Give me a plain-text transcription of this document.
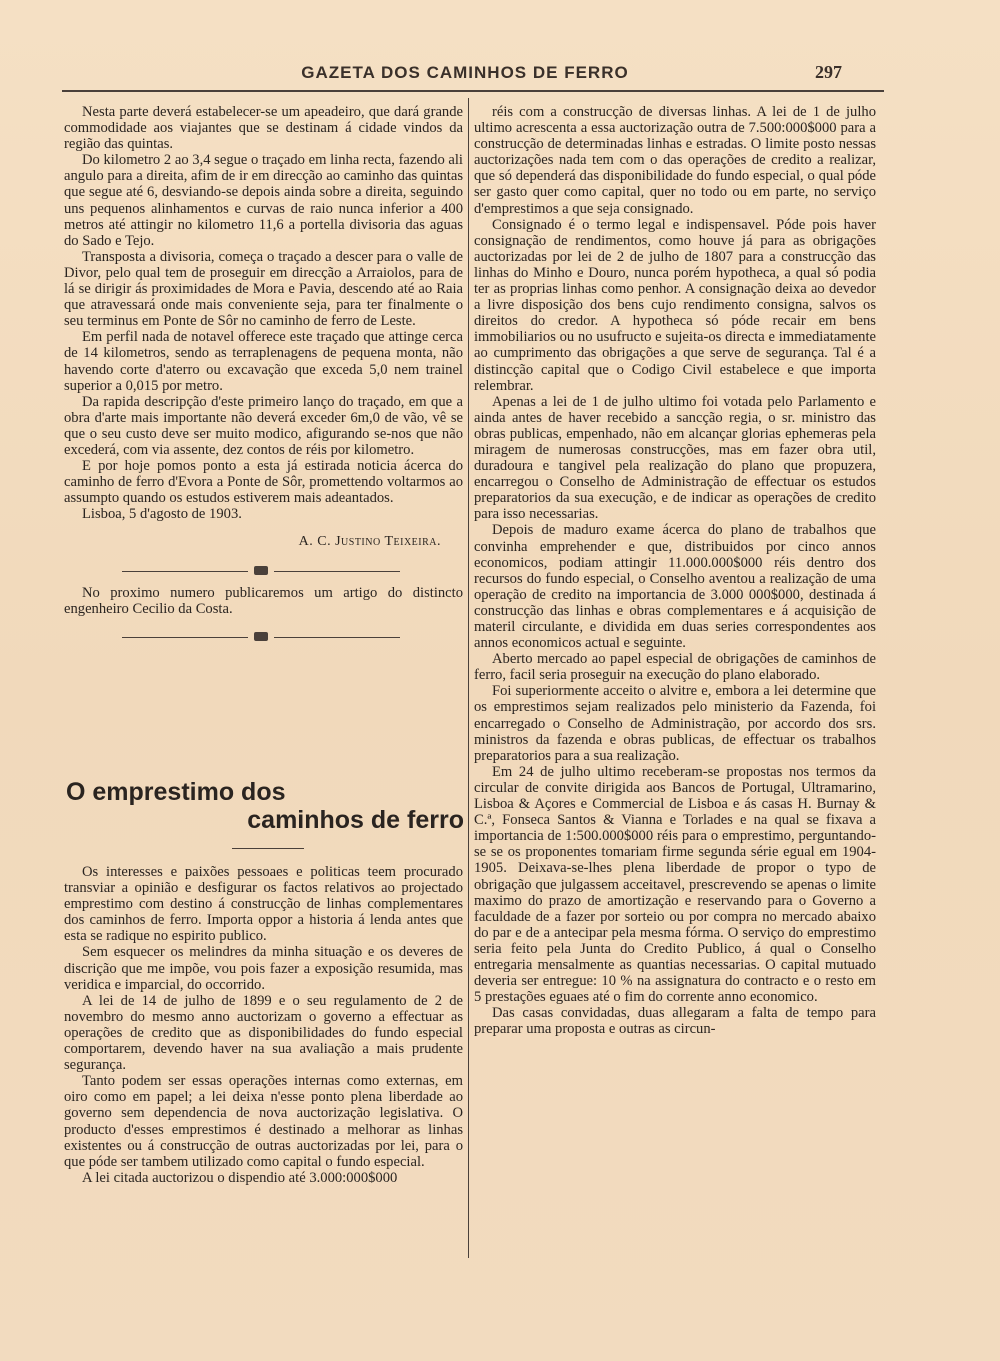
GAZETA DOS CAMINHOS DE FERRO	297

Nesta parte deverá estabelecer-se um apeadeiro, que dará grande commodidade aos viajantes que se destinam á cidade vindos da região das quintas.

Do kilometro 2 ao 3,4 segue o traçado em linha recta, fazendo ali angulo para a direita, afim de ir em direcção ao caminho das quintas que segue até 6, desviando-se depois ainda sobre a direita, seguindo uns pequenos alinhamentos e curvas de raio nunca inferior a 400 metros até attingir no kilometro 11,6 a portella divisoria das aguas do Sado e Tejo.

Transposta a divisoria, começa o traçado a descer para o valle de Divor, pelo qual tem de proseguir em direcção a Arraiolos, para de lá se dirigir ás proximidades de Mora e Pavia, descendo até ao Raia que atravessará onde mais conveniente seja, para ter finalmente o seu terminus em Ponte de Sôr no caminho de ferro de Leste.

Em perfil nada de notavel offerece este traçado que attinge cerca de 14 kilometros, sendo as terraplenagens de pequena monta, não havendo corte d'aterro ou excavação que exceda 5,0 nem trainel superior a 0,015 por metro.

Da rapida descripção d'este primeiro lanço do traçado, em que a obra d'arte mais importante não deverá exceder 6m,0 de vão, vê se que o seu custo deve ser muito modico, afigurando se-nos que não excederá, com via assente, dez contos de réis por kilometro.

E por hoje pomos ponto a esta já estirada noticia ácerca do caminho de ferro d'Evora a Ponte de Sôr, promettendo voltarmos ao assumpto quando os estudos estiverem mais adeantados.

Lisboa, 5 d'agosto de 1903.

A. C. Justino Teixeira.

No proximo numero publicaremos um artigo do distincto engenheiro Cecilio da Costa.

O emprestimo dos
caminhos de ferro

Os interesses e paixões pessoaes e politicas teem procurado transviar a opinião e desfigurar os factos relativos ao projectado emprestimo com destino á construcção de linhas complementares dos caminhos de ferro. Importa oppor a historia á lenda antes que esta se radique no espirito publico.

Sem esquecer os melindres da minha situação e os deveres de discrição que me impõe, vou pois fazer a exposição resumida, mas veridica e imparcial, do occorrido.

A lei de 14 de julho de 1899 e o seu regulamento de 2 de novembro do mesmo anno auctorizam o governo a effectuar as operações de credito que as disponibilidades do fundo especial comportarem, devendo haver na sua avaliação a mais prudente segurança.

Tanto podem ser essas operações internas como externas, em oiro como em papel; a lei deixa n'esse ponto plena liberdade ao governo sem dependencia de nova auctorização legislativa. O producto d'esses emprestimos é destinado a melhorar as linhas existentes ou á construcção de outras auctorizadas por lei, para o que póde ser tambem utilizado como capital o fundo especial.

A lei citada auctorizou o dispendio até 3.000:000$000

réis com a construcção de diversas linhas. A lei de 1 de julho ultimo acrescenta a essa auctorização outra de 7.500:000$000 para a construcção de determinadas linhas e estradas. O limite posto nessas auctorizações nada tem com o das operações de credito a realizar, que só dependerá das disponibilidade do fundo especial, o qual póde ser gasto quer como capital, quer no todo ou em parte, no serviço d'emprestimos a que seja consignado.

Consignado é o termo legal e indispensavel. Póde pois haver consignação de rendimentos, como houve já para as obrigações auctorizadas por lei de 2 de julho de 1807 para a construcção das linhas do Minho e Douro, nunca porém hypotheca, a qual só podia ter as proprias linhas como penhor. A consignação deixa ao devedor a livre disposição dos bens cujo rendimento consigna, salvos os direitos do credor. A hypotheca só póde recair em bens immobiliarios ou no usufructo e sujeita-os directa e immediatamente ao cumprimento das obrigações a que serve de segurança. Tal é a distincção capital que o Codigo Civil estabelece e que importa relembrar.

Apenas a lei de 1 de julho ultimo foi votada pelo Parlamento e ainda antes de haver recebido a sancção regia, o sr. ministro das obras publicas, empenhado, não em alcançar glorias ephemeras pela miragem de numerosas construcções, mas em fazer obra util, duradoura e tangivel pela realização do plano que propuzera, encarregou o Conselho de Administração de effectuar os estudos preparatorios da sua execução, e de indicar as operações de credito para isso necessarias.

Depois de maduro exame ácerca do plano de trabalhos que convinha emprehender e que, distribuidos por cinco annos economicos, podiam attingir 11.000.000$000 réis dentro dos recursos do fundo especial, o Conselho aventou a realização de uma operação de credito na importancia de 3.000 000$000, destinada á construcção das linhas e obras complementares e á acquisição de materil circulante, e dividida em duas series correspondentes aos annos economicos actual e seguinte.

Aberto mercado ao papel especial de obrigações de caminhos de ferro, facil seria proseguir na execução do plano elaborado.

Foi superiormente acceito o alvitre e, embora a lei determine que os emprestimos sejam realizados pelo ministerio da Fazenda, foi encarregado o Conselho de Administração, por accordo dos srs. ministros da fazenda e obras publicas, de effectuar os trabalhos preparatorios para a sua realização.

Em 24 de julho ultimo receberam-se propostas nos termos da circular de convite dirigida aos Bancos de Portugal, Ultramarino, Lisboa & Açores e Commercial de Lisboa e ás casas H. Burnay & C.ª, Fonseca Santos & Vianna e Torlades e na qual se fixava a importancia de 1:500.000$000 réis para o emprestimo, perguntando-se se os proponentes tomariam firme segunda série egual em 1904-1905. Deixava-se-lhes plena liberdade de propor o typo de obrigação que julgassem acceitavel, prescrevendo se apenas o limite maximo do prazo de amortização e reservando para o Governo a faculdade de a fazer por sorteio ou por compra no mercado abaixo do par e de a antecipar pela mesma fórma. O serviço do emprestimo seria feito pela Junta do Credito Publico, á qual o Conselho entregaria mensalmente as quantias necessarias. O capital mutuado deveria ser entregue: 10 % na assignatura do contracto e o resto em 5 prestações eguaes até o fim do corrente anno economico.

Das casas convidadas, duas allegaram a falta de tempo para preparar uma proposta e outras as circun-
